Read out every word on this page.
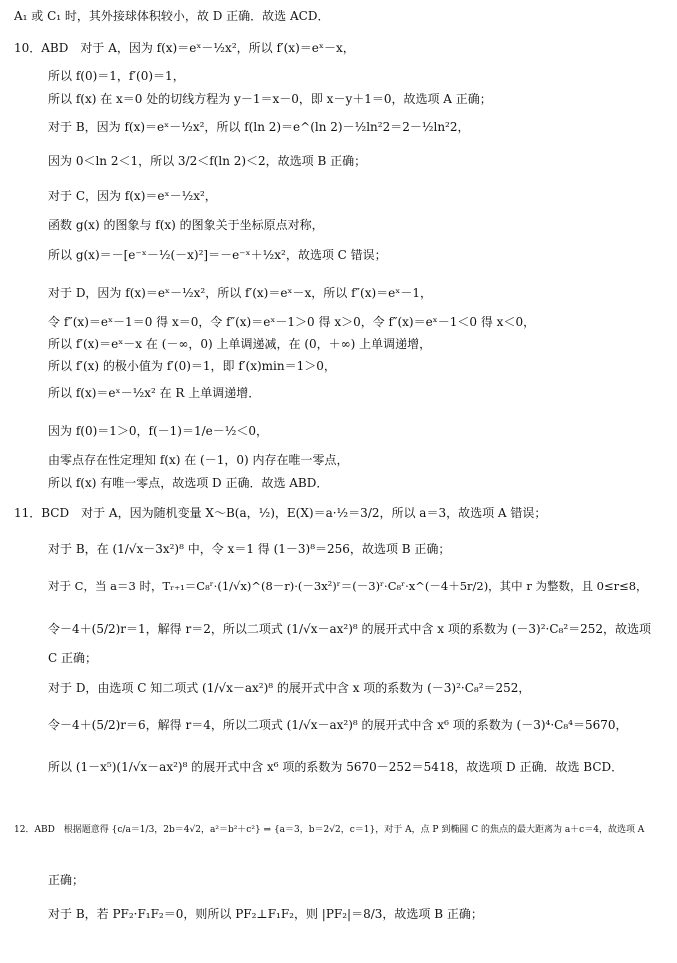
A₁ 或 C₁ 时，其外接球体积较小，故 D 正确．故选 ACD．
10．ABD　对于 A，因为 f(x)＝eˣ－½x²，所以 f′(x)＝eˣ－x，
所以 f(0)＝1，f′(0)＝1，
所以 f(x) 在 x＝0 处的切线方程为 y－1＝x－0，即 x－y＋1＝0，故选项 A 正确；
对于 B，因为 f(x)＝eˣ－½x²，所以 f(ln 2)＝e^(ln 2)－½ln²2＝2－½ln²2，
因为 0＜ln 2＜1，所以 3/2＜f(ln 2)＜2，故选项 B 正确；
对于 C，因为 f(x)＝eˣ－½x²，
函数 g(x) 的图象与 f(x) 的图象关于坐标原点对称，
所以 g(x)＝－[e⁻ˣ－½(－x)²]＝－e⁻ˣ＋½x²，故选项 C 错误；
对于 D，因为 f(x)＝eˣ－½x²，所以 f′(x)＝eˣ－x，所以 f″(x)＝eˣ－1，
令 f″(x)＝eˣ－1＝0 得 x＝0，令 f″(x)＝eˣ－1＞0 得 x＞0，令 f″(x)＝eˣ－1＜0 得 x＜0，
所以 f′(x)＝eˣ－x 在 (－∞，0) 上单调递减，在 (0，＋∞) 上单调递增，
所以 f′(x) 的极小值为 f′(0)＝1，即 f′(x)min＝1＞0，
所以 f(x)＝eˣ－½x² 在 R 上单调递增．
因为 f(0)＝1＞0，f(－1)＝1/e－½＜0，
由零点存在性定理知 f(x) 在 (－1，0) 内存在唯一零点，
所以 f(x) 有唯一零点，故选项 D 正确．故选 ABD．
11．BCD　对于 A，因为随机变量 X～B(a，½)，E(X)＝a·½＝3/2，所以 a＝3，故选项 A 错误；
对于 B，在 (1/√x－3x²)⁸ 中，令 x＝1 得 (1－3)⁸＝256，故选项 B 正确；
对于 C，当 a＝3 时，Tᵣ₊₁＝C₈ʳ·(1/√x)^(8－r)·(－3x²)ʳ＝(－3)ʳ·C₈ʳ·x^(－4＋5r/2)，其中 r 为整数，且 0≤r≤8，
令－4＋(5/2)r＝1，解得 r＝2，所以二项式 (1/√x－ax²)⁸ 的展开式中含 x 项的系数为 (－3)²·C₈²＝252，故选项
C 正确；
对于 D，由选项 C 知二项式 (1/√x－ax²)⁸ 的展开式中含 x 项的系数为 (－3)²·C₈²＝252，
令－4＋(5/2)r＝6，解得 r＝4，所以二项式 (1/√x－ax²)⁸ 的展开式中含 x⁶ 项的系数为 (－3)⁴·C₈⁴＝5670，
所以 (1－x⁵)(1/√x－ax²)⁸ 的展开式中含 x⁶ 项的系数为 5670－252＝5418，故选项 D 正确．故选 BCD．
12．ABD　根据题意得 {c/a＝1/3，2b＝4√2，a²＝b²＋c²} ⇒ {a＝3，b＝2√2，c＝1}，对于 A，点 P 到椭圆 C 的焦点的最大距离为 a＋c＝4，故选项 A
正确；
对于 B，若 PF₂·F₁F₂＝0，则所以 PF₂⊥F₁F₂，则 |PF₂|＝8/3，故选项 B 正确；
